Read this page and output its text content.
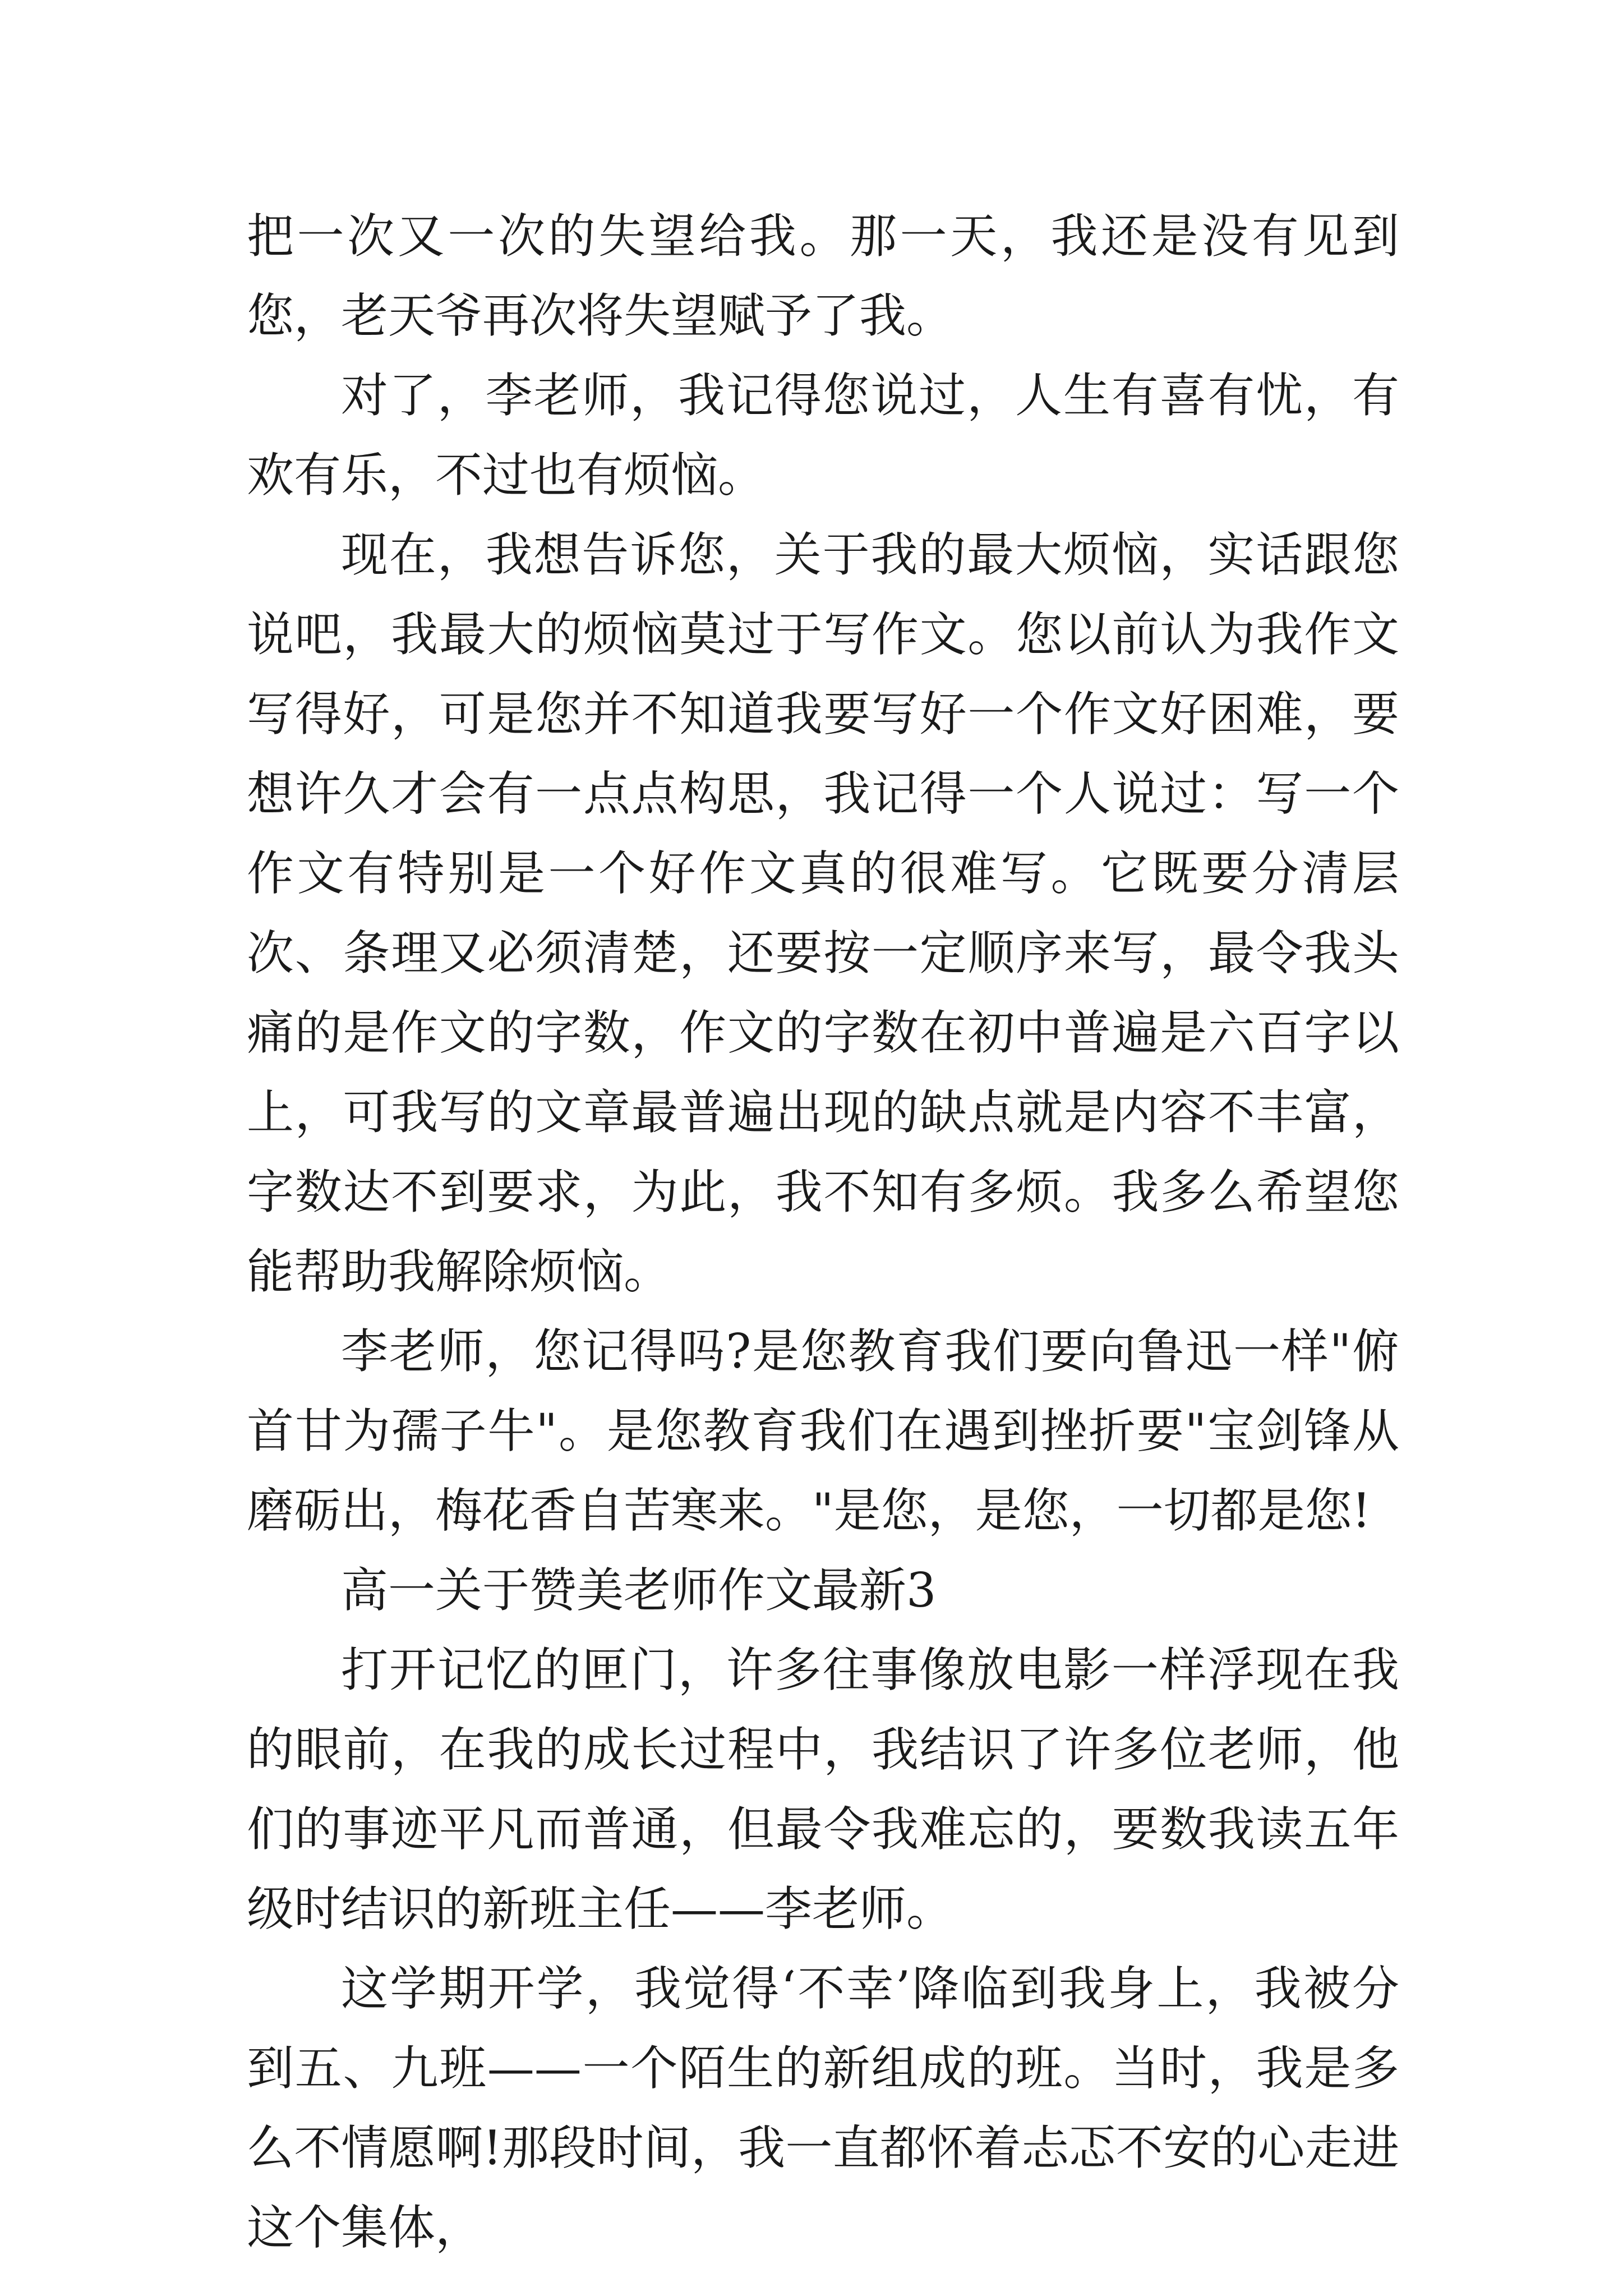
把一次又一次的失望给我。那一天，我还是没有见到您，老天爷再次将失望赋予了我。

对了，李老师，我记得您说过，人生有喜有忧，有欢有乐，不过也有烦恼。

现在，我想告诉您，关于我的最大烦恼，实话跟您说吧，我最大的烦恼莫过于写作文。您以前认为我作文写得好，可是您并不知道我要写好一个作文好困难，要想许久才会有一点点构思，我记得一个人说过：写一个作文有特别是一个好作文真的很难写。它既要分清层次、条理又必须清楚，还要按一定顺序来写，最令我头痛的是作文的字数，作文的字数在初中普遍是六百字以上，可我写的文章最普遍出现的缺点就是内容不丰富，字数达不到要求，为此，我不知有多烦。我多么希望您能帮助我解除烦恼。

李老师，您记得吗?是您教育我们要向鲁迅一样"俯首甘为孺子牛"。是您教育我们在遇到挫折要"宝剑锋从磨砺出，梅花香自苦寒来。"是您，是您，一切都是您!

高一关于赞美老师作文最新3

打开记忆的匣门，许多往事像放电影一样浮现在我的眼前，在我的成长过程中，我结识了许多位老师，他们的事迹平凡而普通，但最令我难忘的，要数我读五年级时结识的新班主任——李老师。

这学期开学，我觉得‘不幸’降临到我身上，我被分到五、九班——一个陌生的新组成的班。当时，我是多么不情愿啊!那段时间，我一直都怀着忐忑不安的心走进这个集体，
